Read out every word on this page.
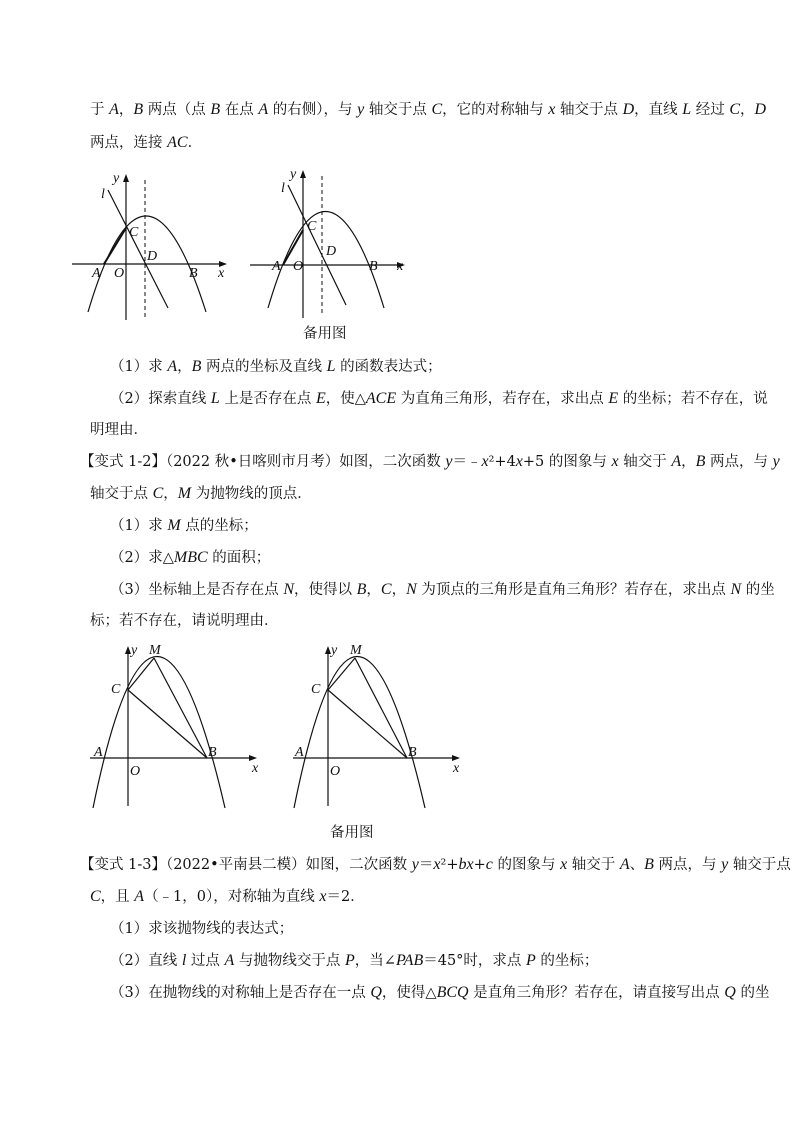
于 A，B 两点（点 B 在点 A 的右侧），与 y 轴交于点 C，它的对称轴与 x 轴交于点 D，直线 L 经过 C，D
两点，连接 AC．
y
l
C
D
A O	B x
y
l
C
D
A O	B x
备用图
（1）求 A，B 两点的坐标及直线 L 的函数表达式；
（2）探索直线 L 上是否存在点 E，使△ACE 为直角三角形，若存在，求出点 E 的坐标；若不存在，说
明理由．
【变式 1-2】（2022 秋•日喀则市月考）如图，二次函数 y＝﹣x²+4x+5 的图象与 x 轴交于 A，B 两点，与 y
轴交于点 C，M 为抛物线的顶点．
（1）求 M 点的坐标；
（2）求△MBC 的面积；
（3）坐标轴上是否存在点 N，使得以 B，C，N 为顶点的三角形是直角三角形？若存在，求出点 N 的坐
标；若不存在，请说明理由．
y M
C
A	B
O	x
y M
C
A	B
O	x
备用图
【变式 1-3】（2022•平南县二模）如图，二次函数 y＝x²+bx+c 的图象与 x 轴交于 A、B 两点，与 y 轴交于点
C，且 A（﹣1，0），对称轴为直线 x＝2．
（1）求该抛物线的表达式；
（2）直线 l 过点 A 与抛物线交于点 P，当∠PAB＝45°时，求点 P 的坐标；
（3）在抛物线的对称轴上是否存在一点 Q，使得△BCQ 是直角三角形？若存在，请直接写出点 Q 的坐
